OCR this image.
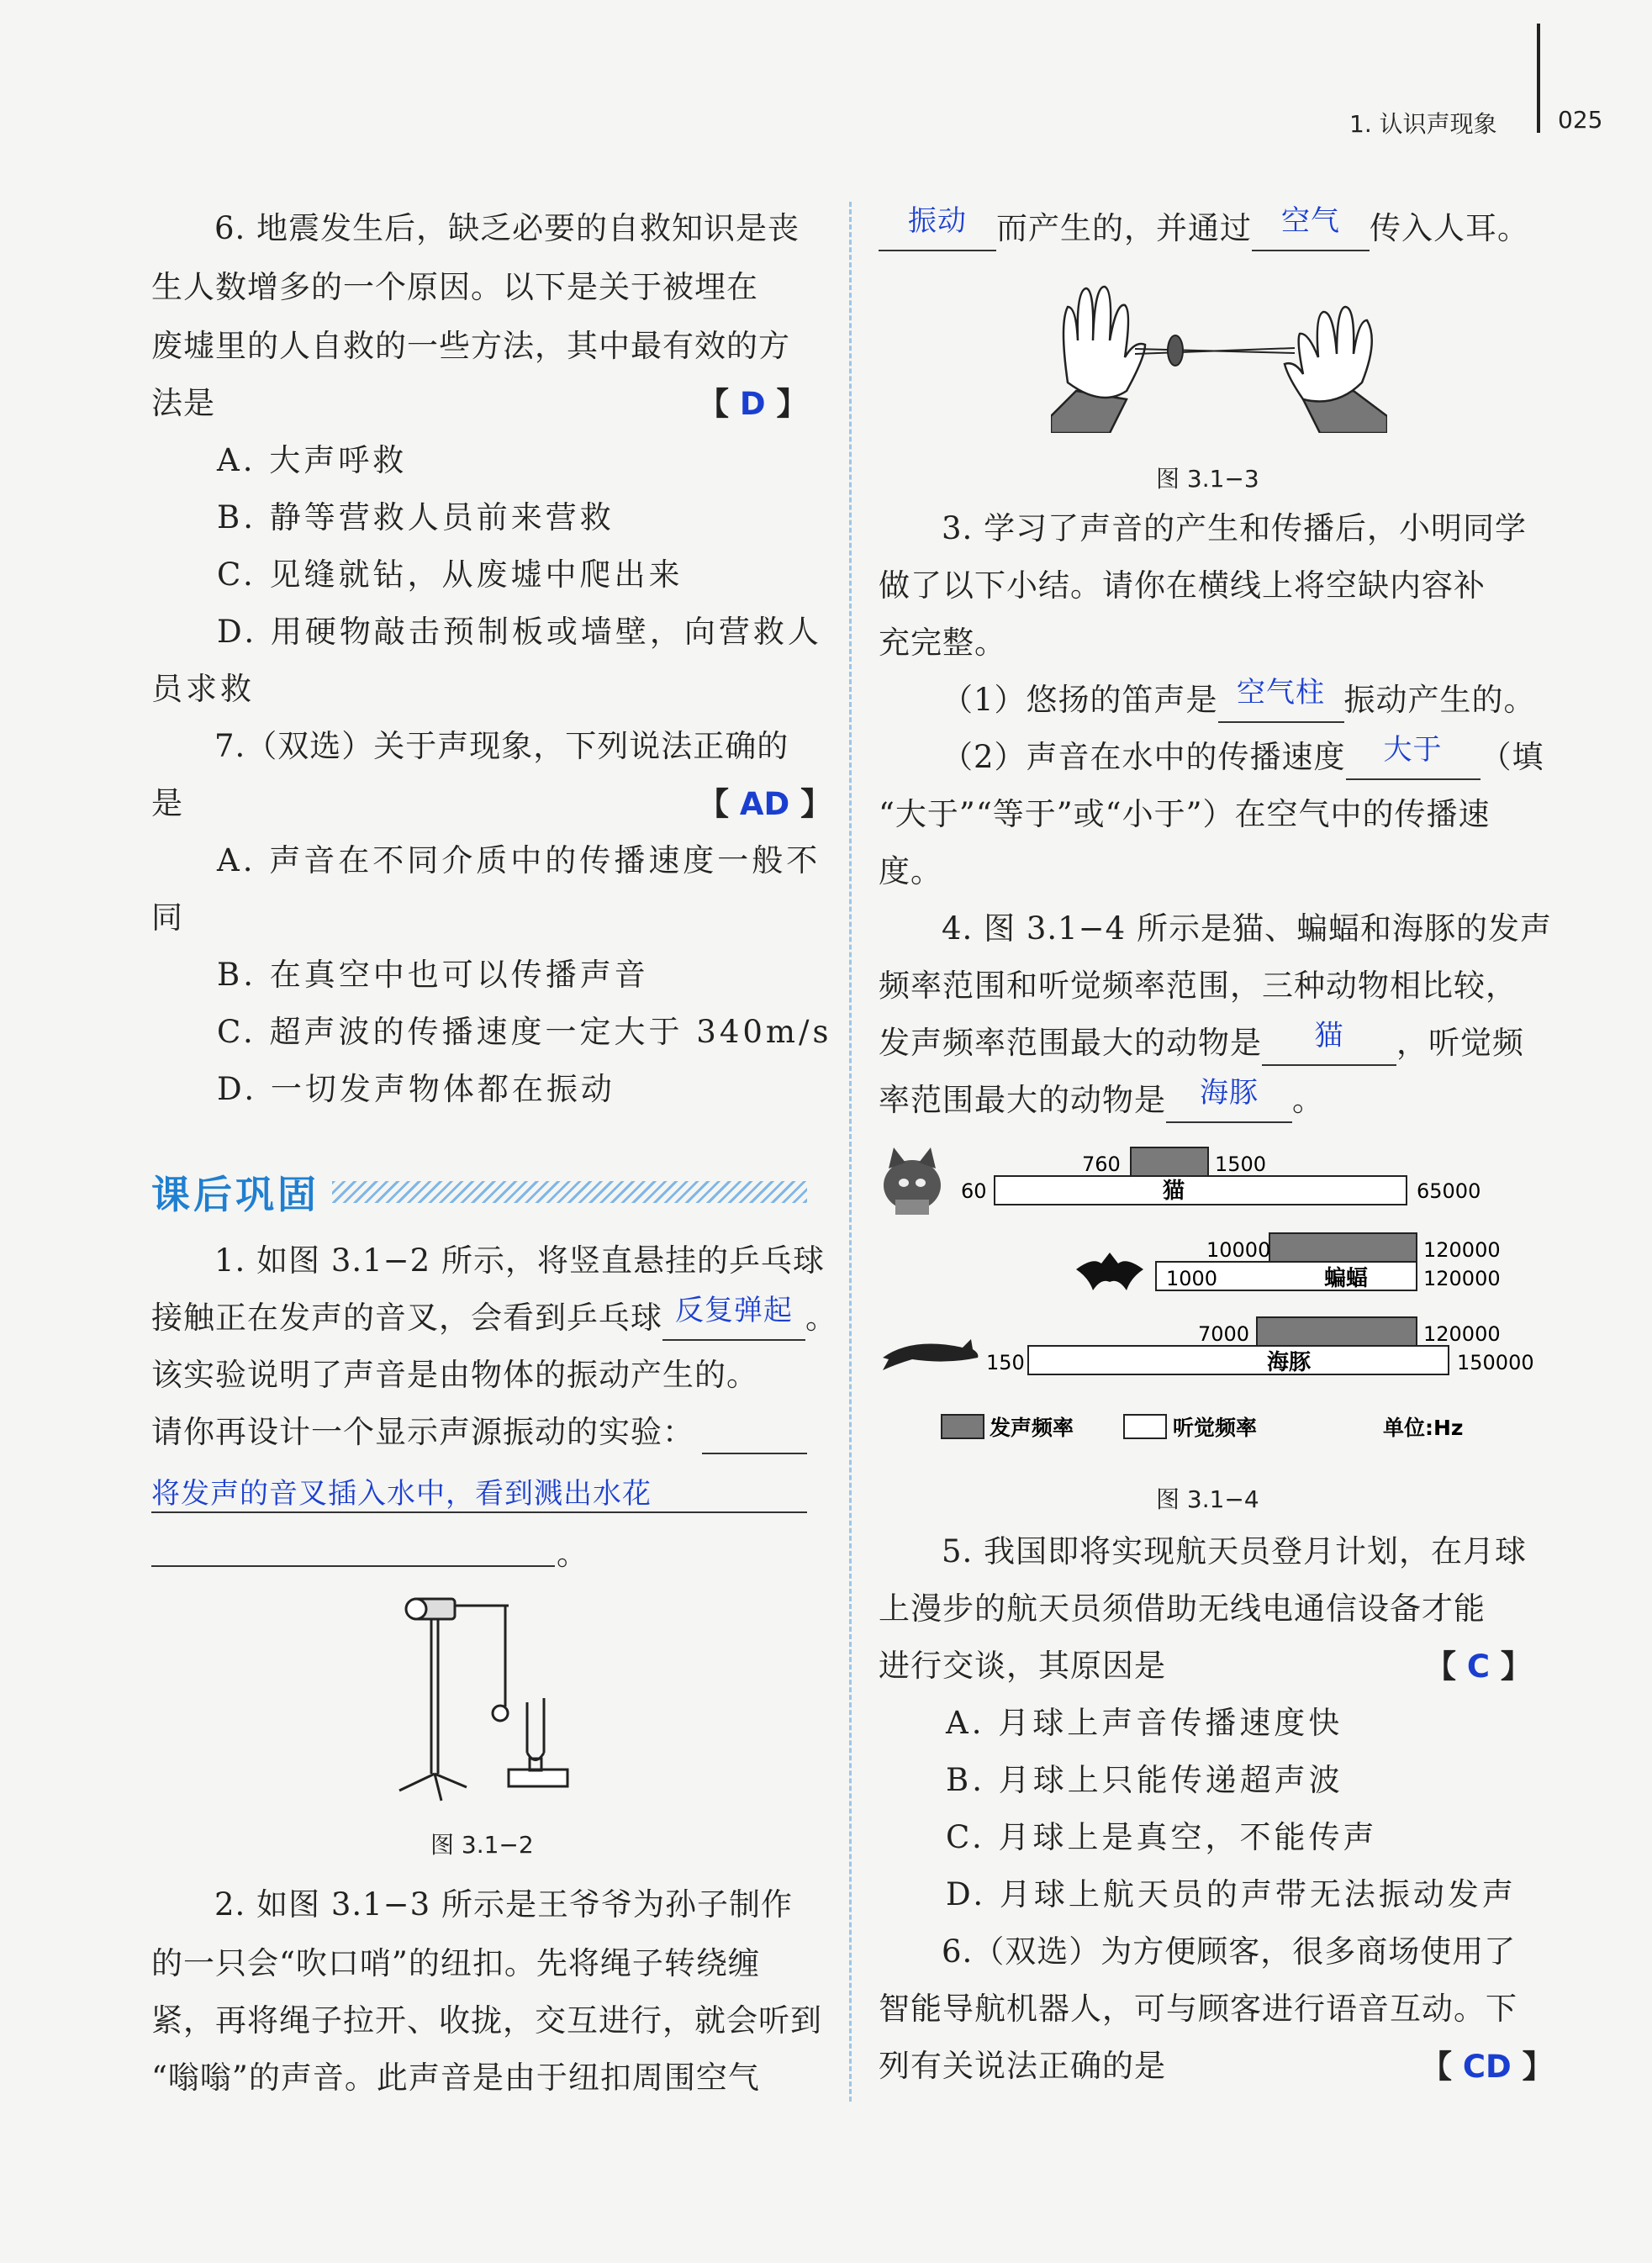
1. 认识声现象	025
6. 地震发生后，缺乏必要的自救知识是丧
生人数增多的一个原因。以下是关于被埋在
废墟里的人自救的一些方法，其中最有效的方
法是	【 D 】
A. 大声呼救
B. 静等营救人员前来营救
C. 见缝就钻，从废墟中爬出来
D. 用硬物敲击预制板或墙壁，向营救人
员求救
7.（双选）关于声现象，下列说法正确的
是	【 AD 】
A. 声音在不同介质中的传播速度一般不
同
B. 在真空中也可以传播声音
C. 超声波的传播速度一定大于 340m/s
D. 一切发声物体都在振动
课后巩固
1. 如图 3.1−2 所示，将竖直悬挂的乒乓球
接触正在发声的音叉，会看到乒乓球 反复弹起 。
该实验说明了声音是由物体的振动产生的。
请你再设计一个显示声源振动的实验：
将发声的音叉插入水中，看到溅出水花
。
图 3.1−2
2. 如图 3.1−3 所示是王爷爷为孙子制作
的一只会“吹口哨”的纽扣。先将绳子转绕缠
紧，再将绳子拉开、收拢，交互进行，就会听到
“嗡嗡”的声音。此声音是由于纽扣周围空气
振动 而产生的，并通过 空气 传入人耳。
图 3.1−3
3. 学习了声音的产生和传播后，小明同学
做了以下小结。请你在横线上将空缺内容补
充完整。
（1）悠扬的笛声是 空气柱 振动产生的。
（2）声音在水中的传播速度 大于 （填
“大于”“等于”或“小于”）在空气中的传播速
度。
4. 图 3.1−4 所示是猫、蝙蝠和海豚的发声
频率范围和听觉频率范围，三种动物相比较，
发声频率范围最大的动物是 猫 ，听觉频
率范围最大的动物是 海豚 。
760	1500
60	65000
猫
10000	120000
1000	120000
蝙蝠
7000	120000
150	150000
海豚
发声频率	听觉频率	单位:Hz
图 3.1−4
5. 我国即将实现航天员登月计划，在月球
上漫步的航天员须借助无线电通信设备才能
进行交谈，其原因是	【 C 】
A. 月球上声音传播速度快
B. 月球上只能传递超声波
C. 月球上是真空，不能传声
D. 月球上航天员的声带无法振动发声
6.（双选）为方便顾客，很多商场使用了
智能导航机器人，可与顾客进行语音互动。下
列有关说法正确的是	【 CD 】
